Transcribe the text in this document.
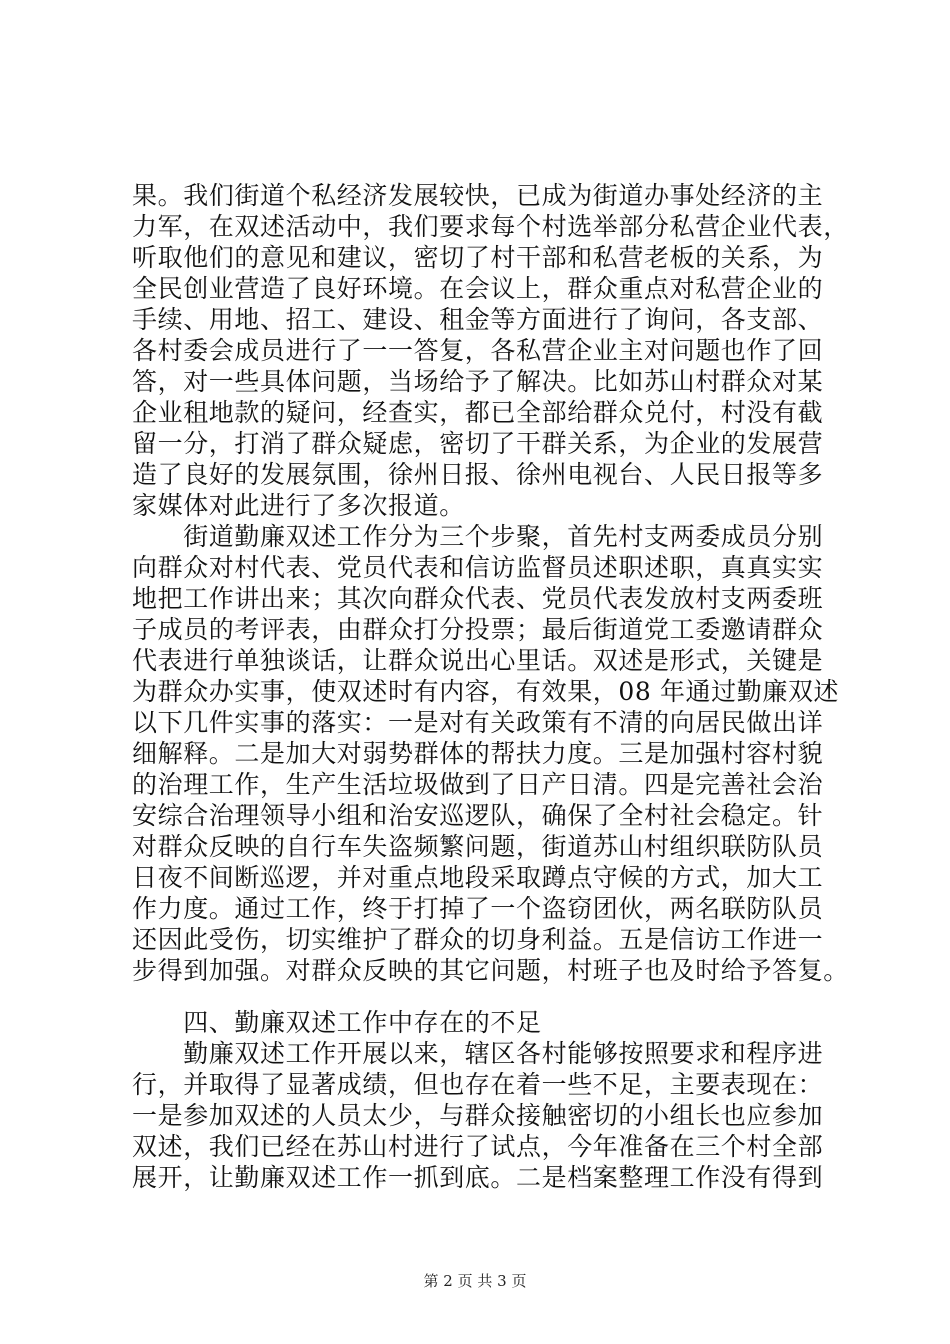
果。我们街道个私经济发展较快，已成为街道办事处经济的主
力军，在双述活动中，我们要求每个村选举部分私营企业代表，
听取他们的意见和建议，密切了村干部和私营老板的关系，为
全民创业营造了良好环境。在会议上，群众重点对私营企业的
手续、用地、招工、建设、租金等方面进行了询问，各支部、
各村委会成员进行了一一答复，各私营企业主对问题也作了回
答，对一些具体问题，当场给予了解决。比如苏山村群众对某
企业租地款的疑问，经查实，都已全部给群众兑付，村没有截
留一分，打消了群众疑虑，密切了干群关系，为企业的发展营
造了良好的发展氛围，徐州日报、徐州电视台、人民日报等多
家媒体对此进行了多次报道。
　　街道勤廉双述工作分为三个步聚，首先村支两委成员分别
向群众对村代表、党员代表和信访监督员述职述职，真真实实
地把工作讲出来；其次向群众代表、党员代表发放村支两委班
子成员的考评表，由群众打分投票；最后街道党工委邀请群众
代表进行单独谈话，让群众说出心里话。双述是形式，关键是
为群众办实事，使双述时有内容，有效果，08 年通过勤廉双述
以下几件实事的落实：一是对有关政策有不清的向居民做出详
细解释。二是加大对弱势群体的帮扶力度。三是加强村容村貌
的治理工作，生产生活垃圾做到了日产日清。四是完善社会治
安综合治理领导小组和治安巡逻队，确保了全村社会稳定。针
对群众反映的自行车失盗频繁问题，街道苏山村组织联防队员
日夜不间断巡逻，并对重点地段采取蹲点守候的方式，加大工
作力度。通过工作，终于打掉了一个盗窃团伙，两名联防队员
还因此受伤，切实维护了群众的切身利益。五是信访工作进一
步得到加强。对群众反映的其它问题，村班子也及时给予答复。
　　四、勤廉双述工作中存在的不足
　　勤廉双述工作开展以来，辖区各村能够按照要求和程序进
行，并取得了显著成绩，但也存在着一些不足，主要表现在：
一是参加双述的人员太少，与群众接触密切的小组长也应参加
双述，我们已经在苏山村进行了试点，今年准备在三个村全部
展开，让勤廉双述工作一抓到底。二是档案整理工作没有得到
第 2 页 共 3 页
